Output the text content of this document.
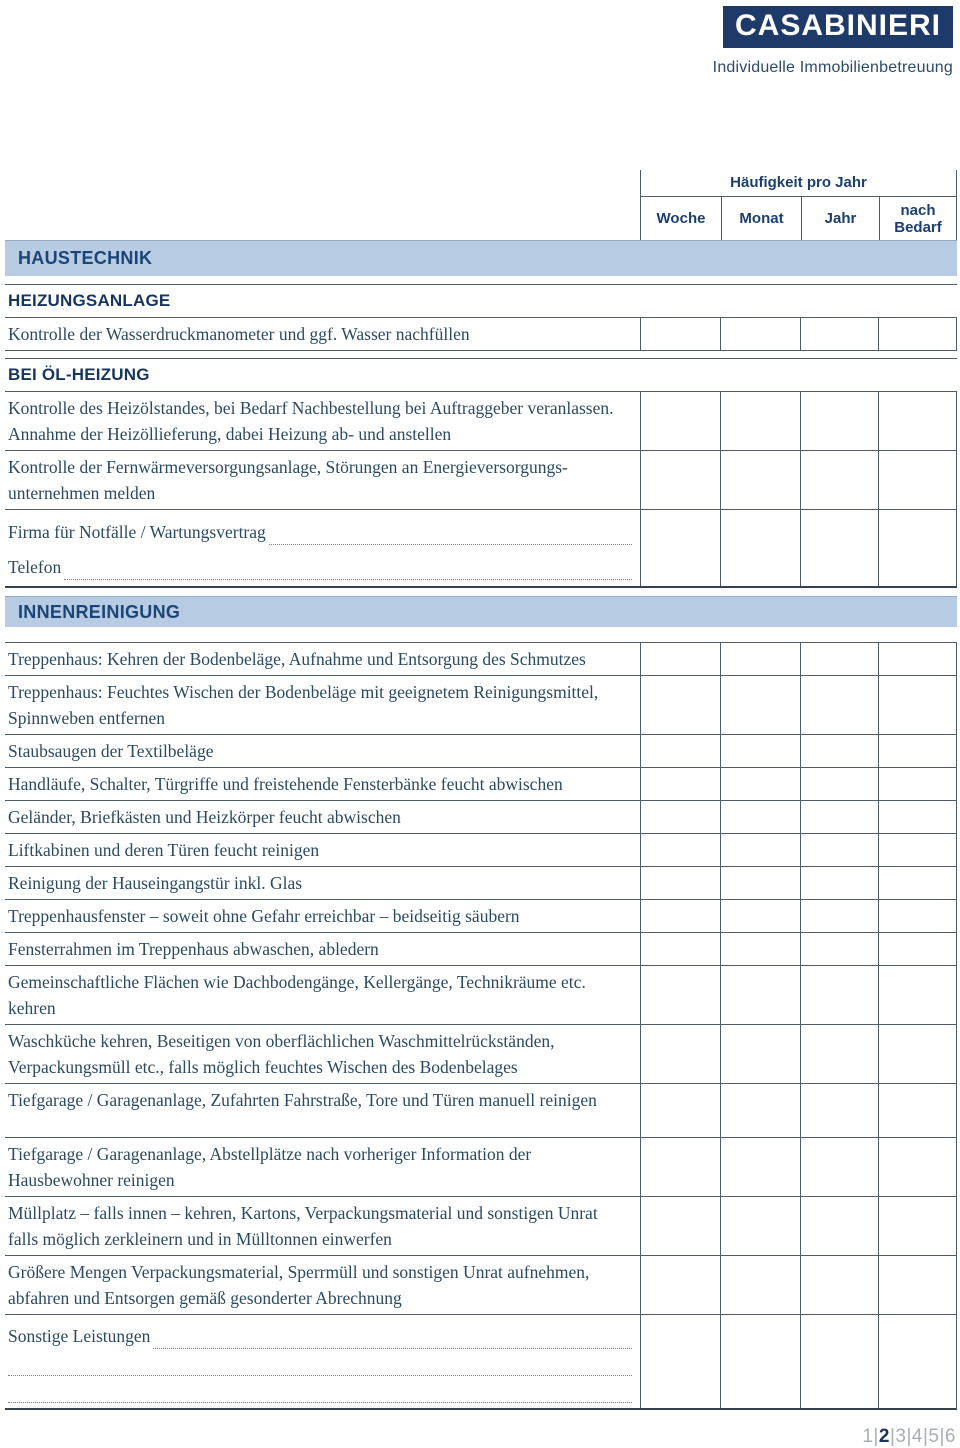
CASABINIERI
Individuelle Immobilienbetreuung
Häufigkeit pro Jahr
Woche	Monat	Jahr	nach Bedarf
HAUSTECHNIK
HEIZUNGSANLAGE
Kontrolle der Wasserdruckmanometer und ggf. Wasser nachfüllen
BEI ÖL-HEIZUNG
Kontrolle des Heizölstandes, bei Bedarf Nachbestellung bei Auftraggeber veranlassen. Annahme der Heizöllieferung, dabei Heizung ab- und anstellen
Kontrolle der Fernwärmeversorgungsanlage, Störungen an Energieversorgungs-unternehmen melden
Firma für Notfälle / Wartungsvertrag
Telefon
INNENREINIGUNG
Treppenhaus: Kehren der Bodenbeläge, Aufnahme und Entsorgung des Schmutzes
Treppenhaus: Feuchtes Wischen der Bodenbeläge mit geeignetem Reinigungsmittel, Spinnweben entfernen
Staubsaugen der Textilbeläge
Handläufe, Schalter, Türgriffe und freistehende Fensterbänke feucht abwischen
Geländer, Briefkästen und Heizkörper feucht abwischen
Liftkabinen und deren Türen feucht reinigen
Reinigung der Hauseingangstür inkl. Glas
Treppenhausfenster – soweit ohne Gefahr erreichbar – beidseitig säubern
Fensterrahmen im Treppenhaus abwaschen, abledern
Gemeinschaftliche Flächen wie Dachbodengänge, Kellergänge, Technikräume etc. kehren
Waschküche kehren, Beseitigen von oberflächlichen Waschmittelrückständen, Verpackungsmüll etc., falls möglich feuchtes Wischen des Bodenbelages
Tiefgarage / Garagenanlage, Zufahrten Fahrstraße, Tore und Türen manuell reinigen
Tiefgarage / Garagenanlage, Abstellplätze nach vorheriger Information der Hausbewohner reinigen
Müllplatz – falls innen – kehren, Kartons, Verpackungsmaterial und sonstigen Unrat falls möglich zerkleinern und in Mülltonnen einwerfen
Größere Mengen Verpackungsmaterial, Sperrmüll und sonstigen Unrat aufnehmen, abfahren und Entsorgen gemäß gesonderter Abrechnung
Sonstige Leistungen
1|2|3|4|5|6
